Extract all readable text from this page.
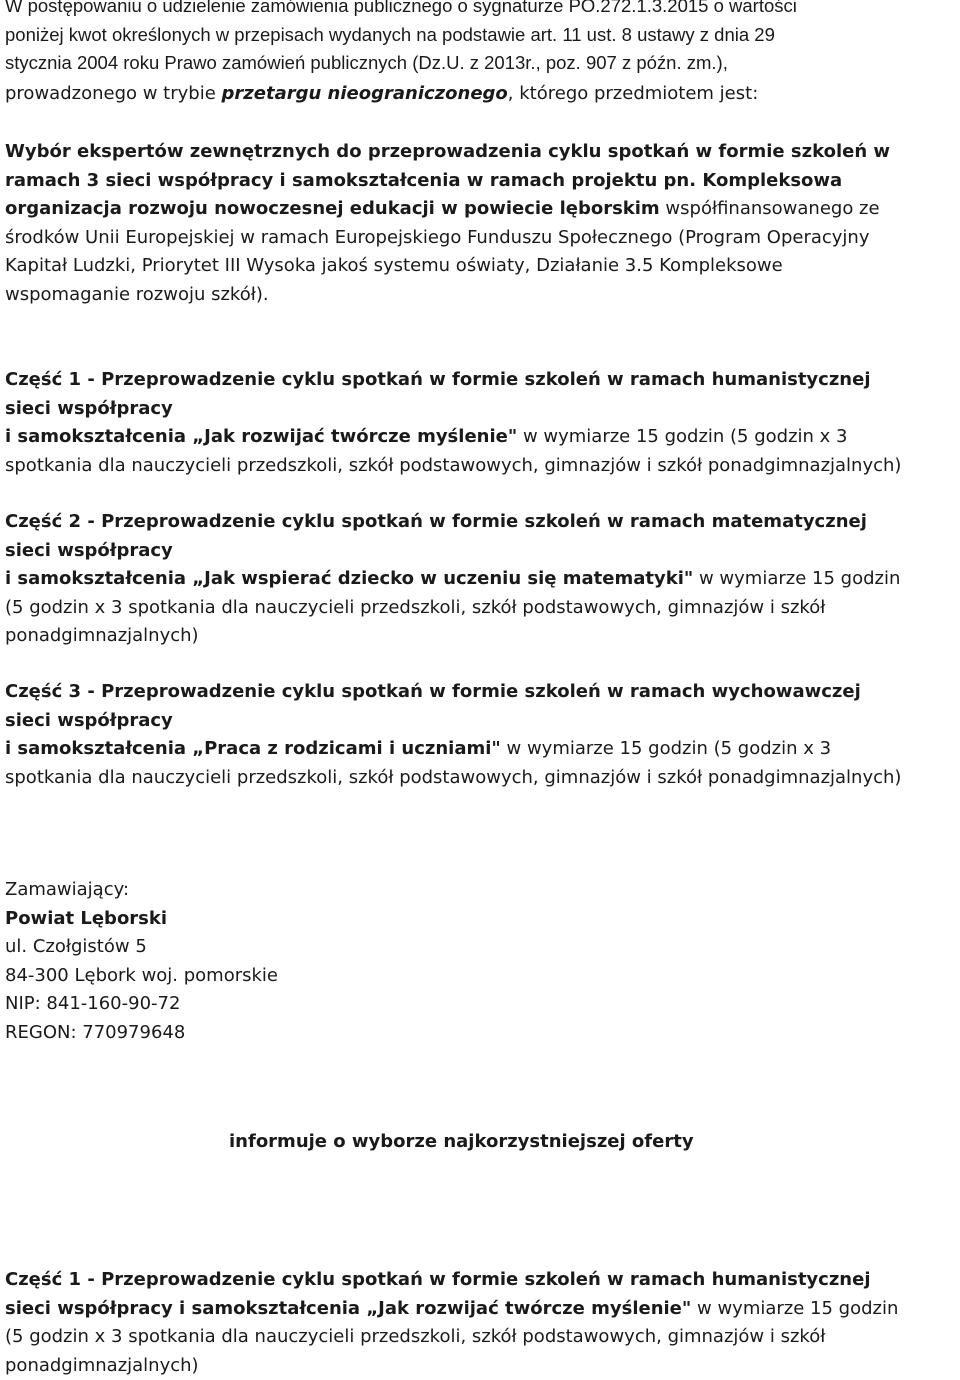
W postępowaniu o udzielenie zamówienia publicznego o sygnaturze PO.272.1.3.2015 o wartości
poniżej kwot określonych w przepisach wydanych na podstawie art. 11 ust. 8 ustawy z dnia 29
stycznia 2004 roku Prawo zamówień publicznych (Dz.U. z 2013r., poz. 907 z późn. zm.),
prowadzonego w trybie przetargu nieograniczonego, którego przedmiotem jest:
Wybór ekspertów zewnętrznych do przeprowadzenia cyklu spotkań w formie szkoleń w
ramach 3 sieci współpracy i samokształcenia w ramach projektu pn. Kompleksowa
organizacja rozwoju nowoczesnej edukacji w powiecie lęborskim współfinansowanego ze
środków Unii Europejskiej w ramach Europejskiego Funduszu Społecznego (Program Operacyjny
Kapitał Ludzki, Priorytet III Wysoka jakoś systemu oświaty, Działanie 3.5 Kompleksowe
wspomaganie rozwoju szkół).
Część 1 - Przeprowadzenie cyklu spotkań w formie szkoleń w ramach humanistycznej
sieci współpracy
i samokształcenia „Jak rozwijać twórcze myślenie" w wymiarze 15 godzin (5 godzin x 3
spotkania dla nauczycieli przedszkoli, szkół podstawowych, gimnazjów i szkół ponadgimnazjalnych)
Część 2 - Przeprowadzenie cyklu spotkań w formie szkoleń w ramach matematycznej
sieci współpracy
i samokształcenia „Jak wspierać dziecko w uczeniu się matematyki" w wymiarze 15 godzin
(5 godzin x 3 spotkania dla nauczycieli przedszkoli, szkół podstawowych, gimnazjów i szkół
ponadgimnazjalnych)
Część 3 - Przeprowadzenie cyklu spotkań w formie szkoleń w ramach wychowawczej
sieci współpracy
i samokształcenia „Praca z rodzicami i uczniami" w wymiarze 15 godzin (5 godzin x 3
spotkania dla nauczycieli przedszkoli, szkół podstawowych, gimnazjów i szkół ponadgimnazjalnych)
Zamawiający:
Powiat Lęborski
ul. Czołgistów 5
84-300 Lębork woj. pomorskie
NIP: 841-160-90-72
REGON: 770979648
Część 1 - Przeprowadzenie cyklu spotkań w formie szkoleń w ramach humanistycznej
sieci współpracy i samokształcenia „Jak rozwijać twórcze myślenie" w wymiarze 15 godzin
(5 godzin x 3 spotkania dla nauczycieli przedszkoli, szkół podstawowych, gimnazjów i szkół
ponadgimnazjalnych)
informuje o wyborze najkorzystniejszej oferty
